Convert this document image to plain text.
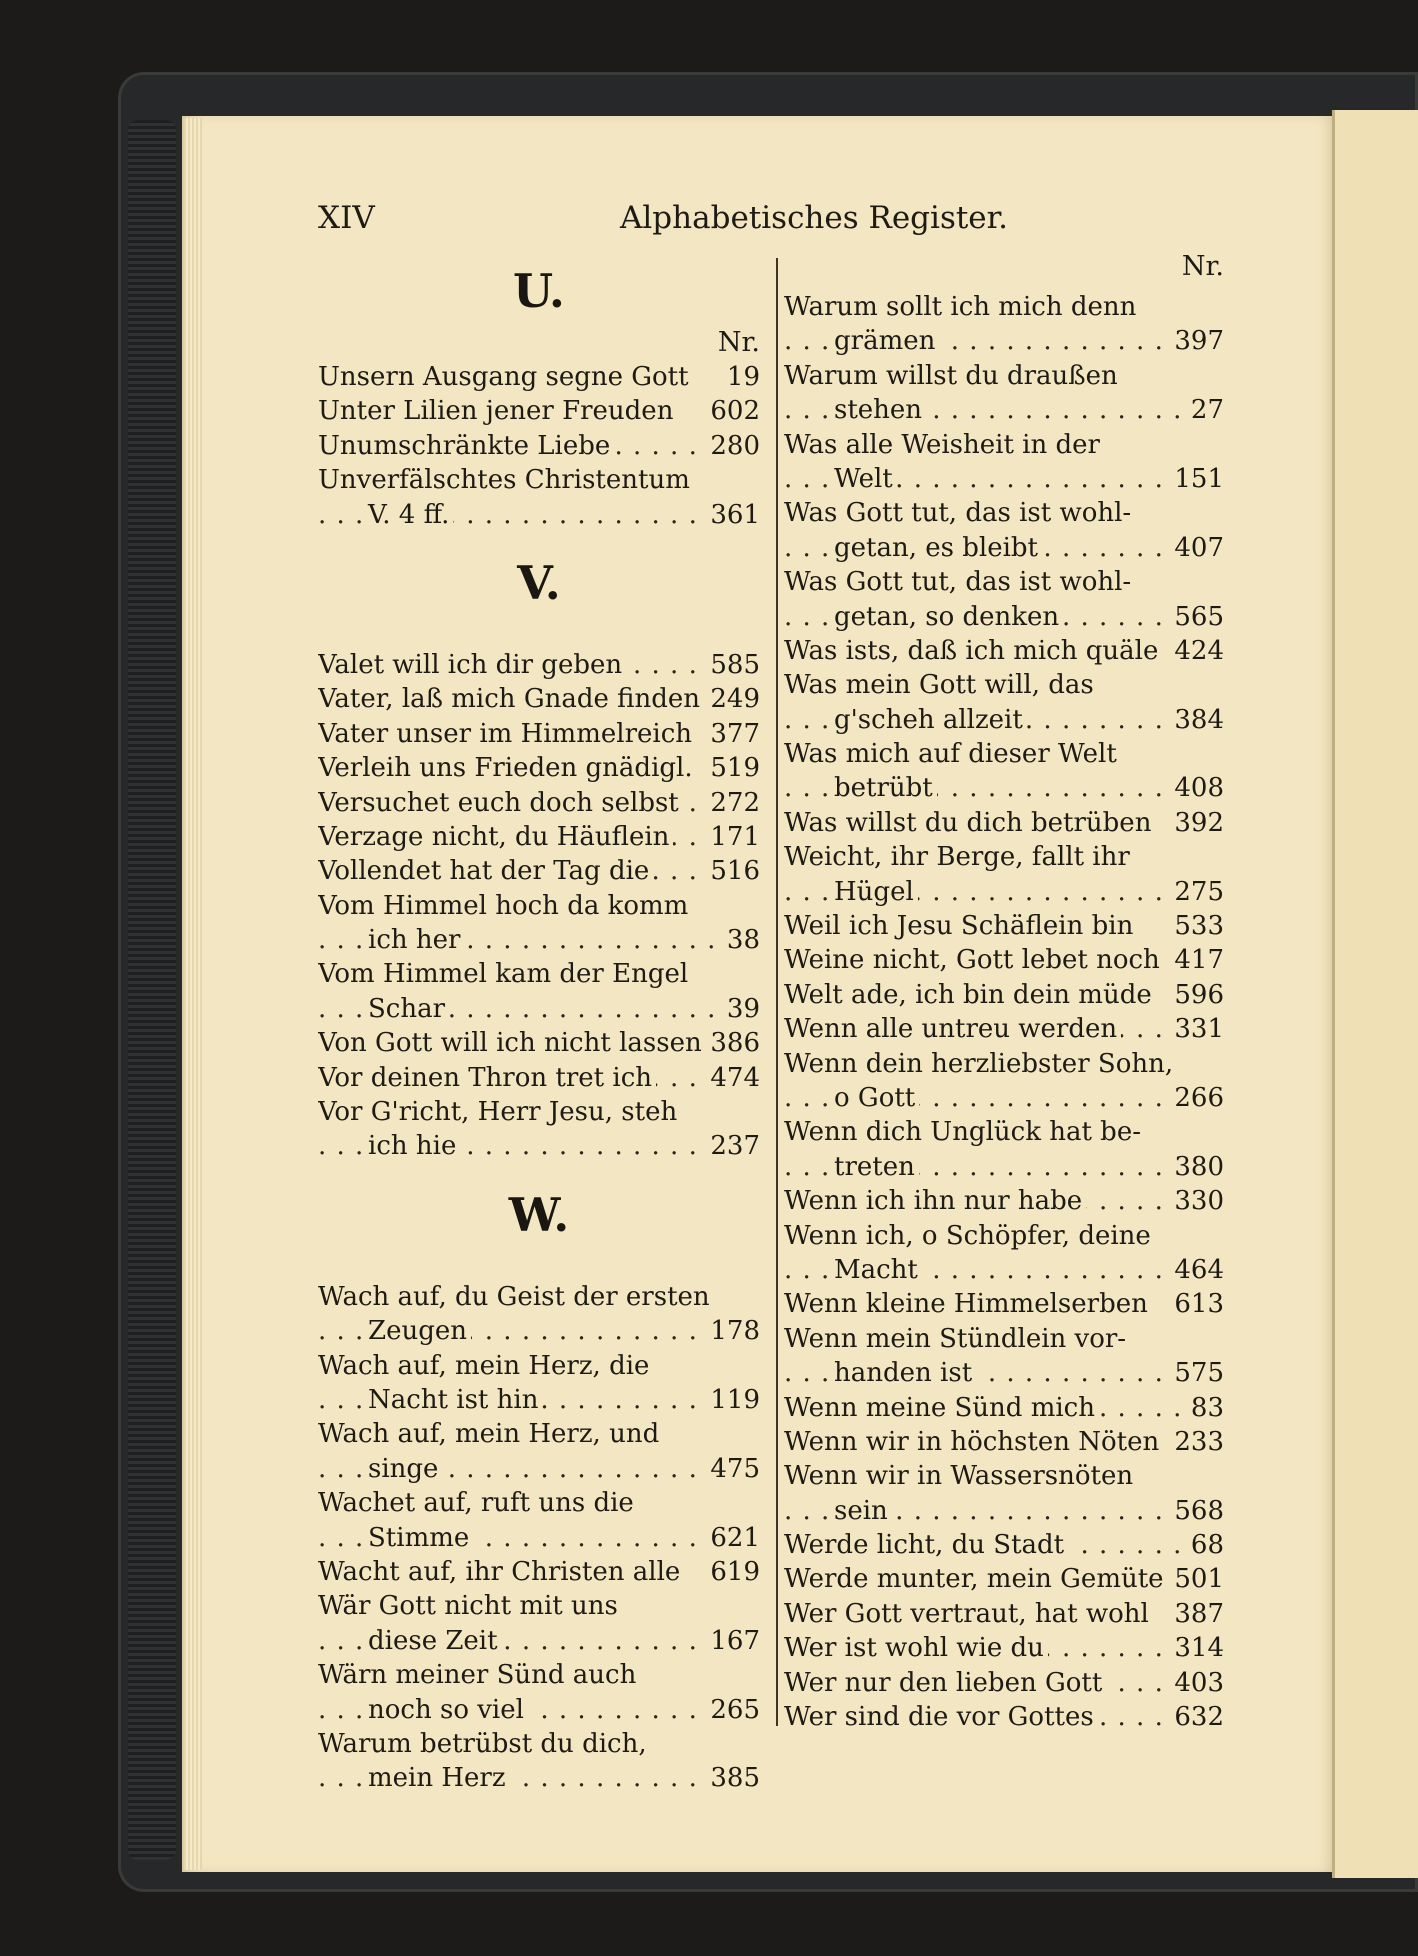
XIV	Alphabetisches Register.
U.
Nr.
Unsern Ausgang segne Gott 19
Unter Lilien jener Freuden 602
Unumschränkte Liebe	280
. . .
Unverfälschtes Christentum
V. 4 ff.	361
. . .
V.
Valet will ich dir geben	585
. . .
Vater, laß mich Gnade finden 249
Vater unser im Himmelreich 377
Verleih uns Frieden gnädigl. 519
Versuchet euch doch selbst 272
. . .
Verzage nicht, du Häuflein 171
. . .
Vollendet hat der Tag die 516
. . .
Vom Himmel hoch da komm
ich her	38
. . .
Vom Himmel kam der Engel
Schar	39
. . .
Von Gott will ich nicht lassen 386
Vor deinen Thron tret ich 474
. . .
Vor G'richt, Herr Jesu, steh
ich hie	237
. . .
W.
Wach auf, du Geist der ersten
Zeugen	178
. . .
Wach auf, mein Herz, die
Nacht ist hin	119
. . .
Wach auf, mein Herz, und
singe	475
. . .
Wachet auf, ruft uns die
Stimme	621
. . .
Wacht auf, ihr Christen alle 619
Wär Gott nicht mit uns
diese Zeit	167
. . .
Wärn meiner Sünd auch
noch so viel	265
. . .
Warum betrübst du dich,
mein Herz	385
. . .
Nr.
Warum sollt ich mich denn
grämen	397
. . .
Warum willst du draußen
stehen	27
. . .
Was alle Weisheit in der
Welt	151
. . .
Was Gott tut, das ist wohl-
getan, es bleibt	407
. . .
Was Gott tut, das ist wohl-
getan, so denken	565
. . .
Was ists, daß ich mich quäle 424
Was mein Gott will, das
g'scheh allzeit	384
. . .
Was mich auf dieser Welt
betrübt	408
. . .
Was willst du dich betrüben 392
Weicht, ihr Berge, fallt ihr
Hügel	275
. . .
Weil ich Jesu Schäflein bin 533
Weine nicht, Gott lebet noch 417
Welt ade, ich bin dein müde 596
Wenn alle untreu werden 331
. . .
Wenn dein herzliebster Sohn,
o Gott	266
. . .
Wenn dich Unglück hat be-
treten	380
. . .
Wenn ich ihn nur habe	330
. . .
Wenn ich, o Schöpfer, deine
Macht	464
. . .
Wenn kleine Himmelserben 613
Wenn mein Stündlein vor-
handen ist	575
. . .
Wenn meine Sünd mich	83
. . .
Wenn wir in höchsten Nöten 233
Wenn wir in Wassersnöten
sein	568
. . .
Werde licht, du Stadt	68
. . .
Werde munter, mein Gemüte 501
Wer Gott vertraut, hat wohl 387
Wer ist wohl wie du	314
. . .
Wer nur den lieben Gott	403
. . .
Wer sind die vor Gottes	632
. . .
